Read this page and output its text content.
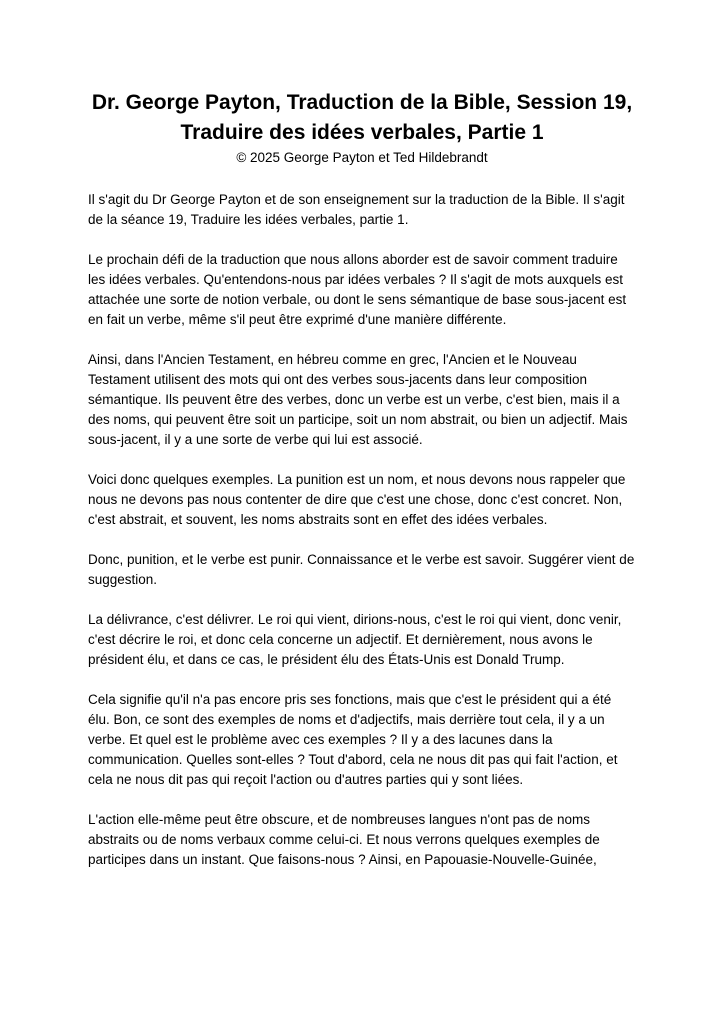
Dr. George Payton, Traduction de la Bible, Session 19,
Traduire des idées verbales, Partie 1

© 2025 George Payton et Ted Hildebrandt

Il s'agit du Dr George Payton et de son enseignement sur la traduction de la Bible. Il s'agit de la séance 19, Traduire les idées verbales, partie 1.

Le prochain défi de la traduction que nous allons aborder est de savoir comment traduire les idées verbales. Qu'entendons-nous par idées verbales ? Il s'agit de mots auxquels est attachée une sorte de notion verbale, ou dont le sens sémantique de base sous-jacent est en fait un verbe, même s'il peut être exprimé d'une manière différente.

Ainsi, dans l'Ancien Testament, en hébreu comme en grec, l'Ancien et le Nouveau Testament utilisent des mots qui ont des verbes sous-jacents dans leur composition sémantique. Ils peuvent être des verbes, donc un verbe est un verbe, c'est bien, mais il a des noms, qui peuvent être soit un participe, soit un nom abstrait, ou bien un adjectif. Mais sous-jacent, il y a une sorte de verbe qui lui est associé.

Voici donc quelques exemples. La punition est un nom, et nous devons nous rappeler que nous ne devons pas nous contenter de dire que c'est une chose, donc c'est concret. Non, c'est abstrait, et souvent, les noms abstraits sont en effet des idées verbales.

Donc, punition, et le verbe est punir. Connaissance et le verbe est savoir. Suggérer vient de suggestion.

La délivrance, c'est délivrer. Le roi qui vient, dirions-nous, c'est le roi qui vient, donc venir, c'est décrire le roi, et donc cela concerne un adjectif. Et dernièrement, nous avons le président élu, et dans ce cas, le président élu des États-Unis est Donald Trump.

Cela signifie qu'il n'a pas encore pris ses fonctions, mais que c'est le président qui a été élu. Bon, ce sont des exemples de noms et d'adjectifs, mais derrière tout cela, il y a un verbe. Et quel est le problème avec ces exemples ? Il y a des lacunes dans la communication. Quelles sont-elles ? Tout d'abord, cela ne nous dit pas qui fait l'action, et cela ne nous dit pas qui reçoit l'action ou d'autres parties qui y sont liées.

L'action elle-même peut être obscure, et de nombreuses langues n'ont pas de noms abstraits ou de noms verbaux comme celui-ci. Et nous verrons quelques exemples de participes dans un instant. Que faisons-nous ? Ainsi, en Papouasie-Nouvelle-Guinée,
